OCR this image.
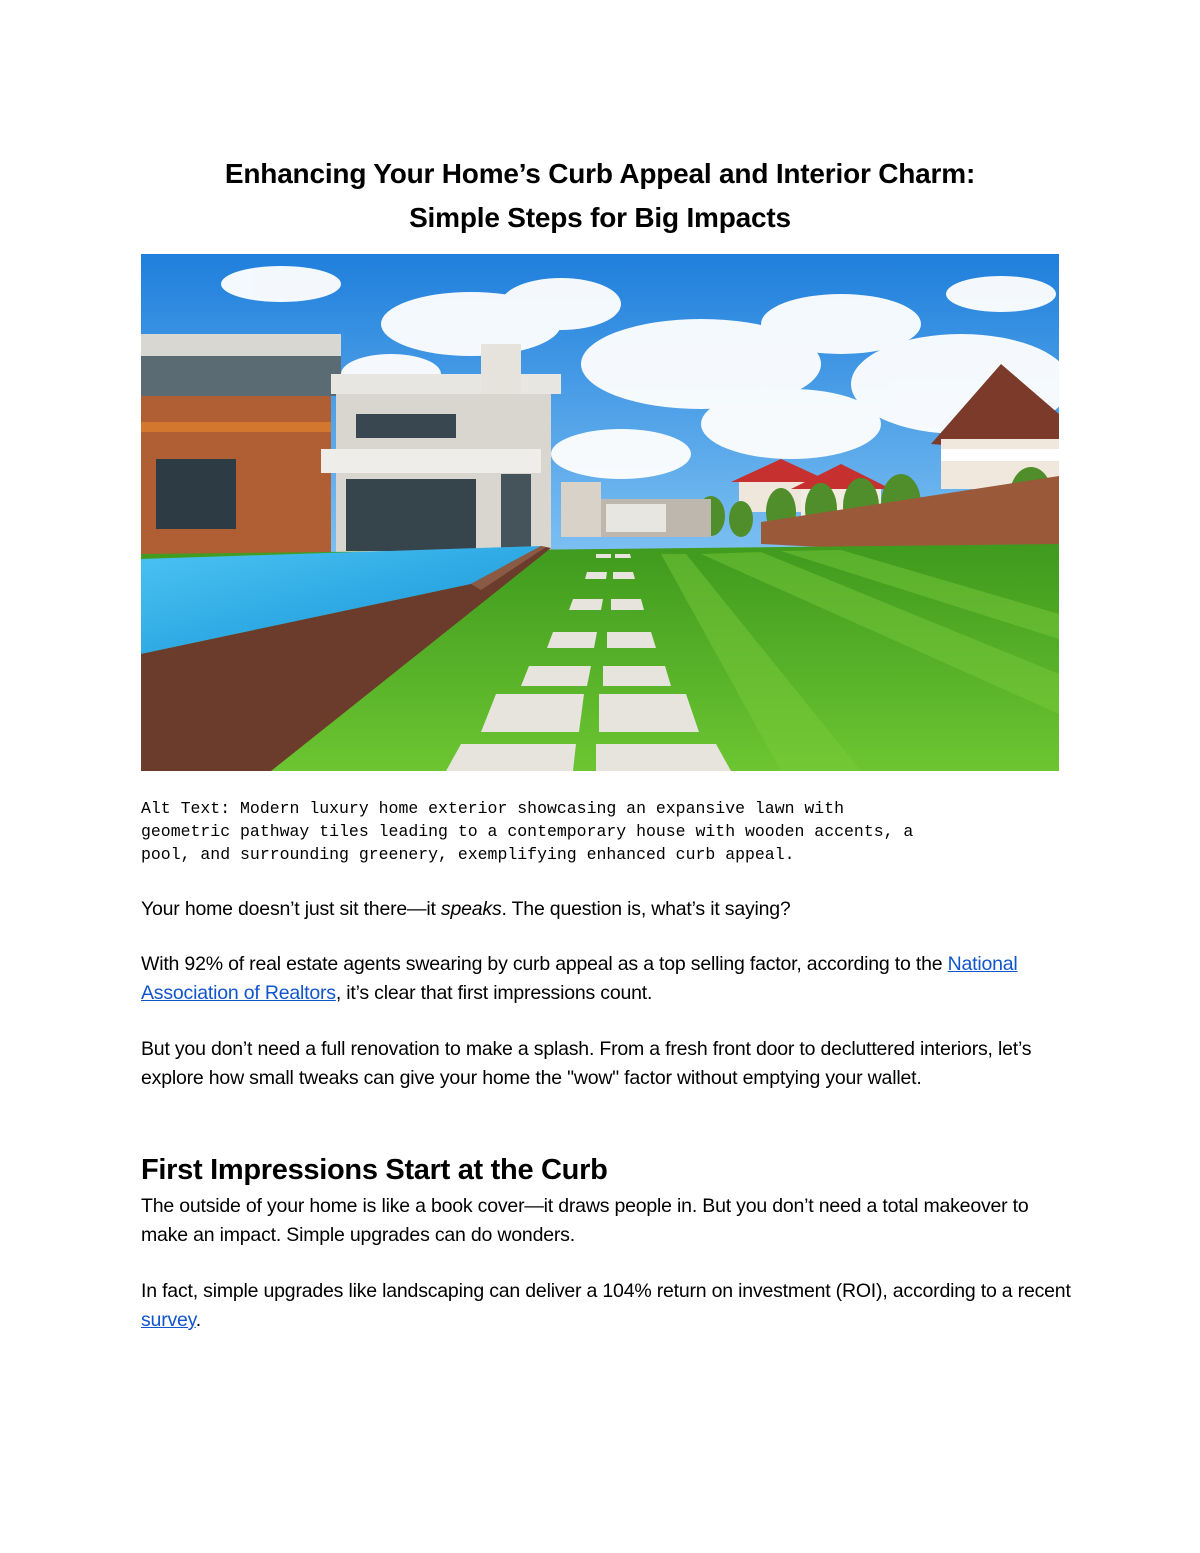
Enhancing Your Home’s Curb Appeal and Interior Charm:
Simple Steps for Big Impacts
Alt Text: Modern luxury home exterior showcasing an expansive lawn with
geometric pathway tiles leading to a contemporary house with wooden accents, a
pool, and surrounding greenery, exemplifying enhanced curb appeal.
Your home doesn’t just sit there—it speaks. The question is, what’s it saying?
With 92% of real estate agents swearing by curb appeal as a top selling factor, according to the National Association of Realtors, it’s clear that first impressions count.
But you don’t need a full renovation to make a splash. From a fresh front door to decluttered interiors, let’s explore how small tweaks can give your home the "wow" factor without emptying your wallet.
First Impressions Start at the Curb
The outside of your home is like a book cover—it draws people in. But you don’t need a total makeover to make an impact. Simple upgrades can do wonders.
In fact, simple upgrades like landscaping can deliver a 104% return on investment (ROI), according to a recent survey.
